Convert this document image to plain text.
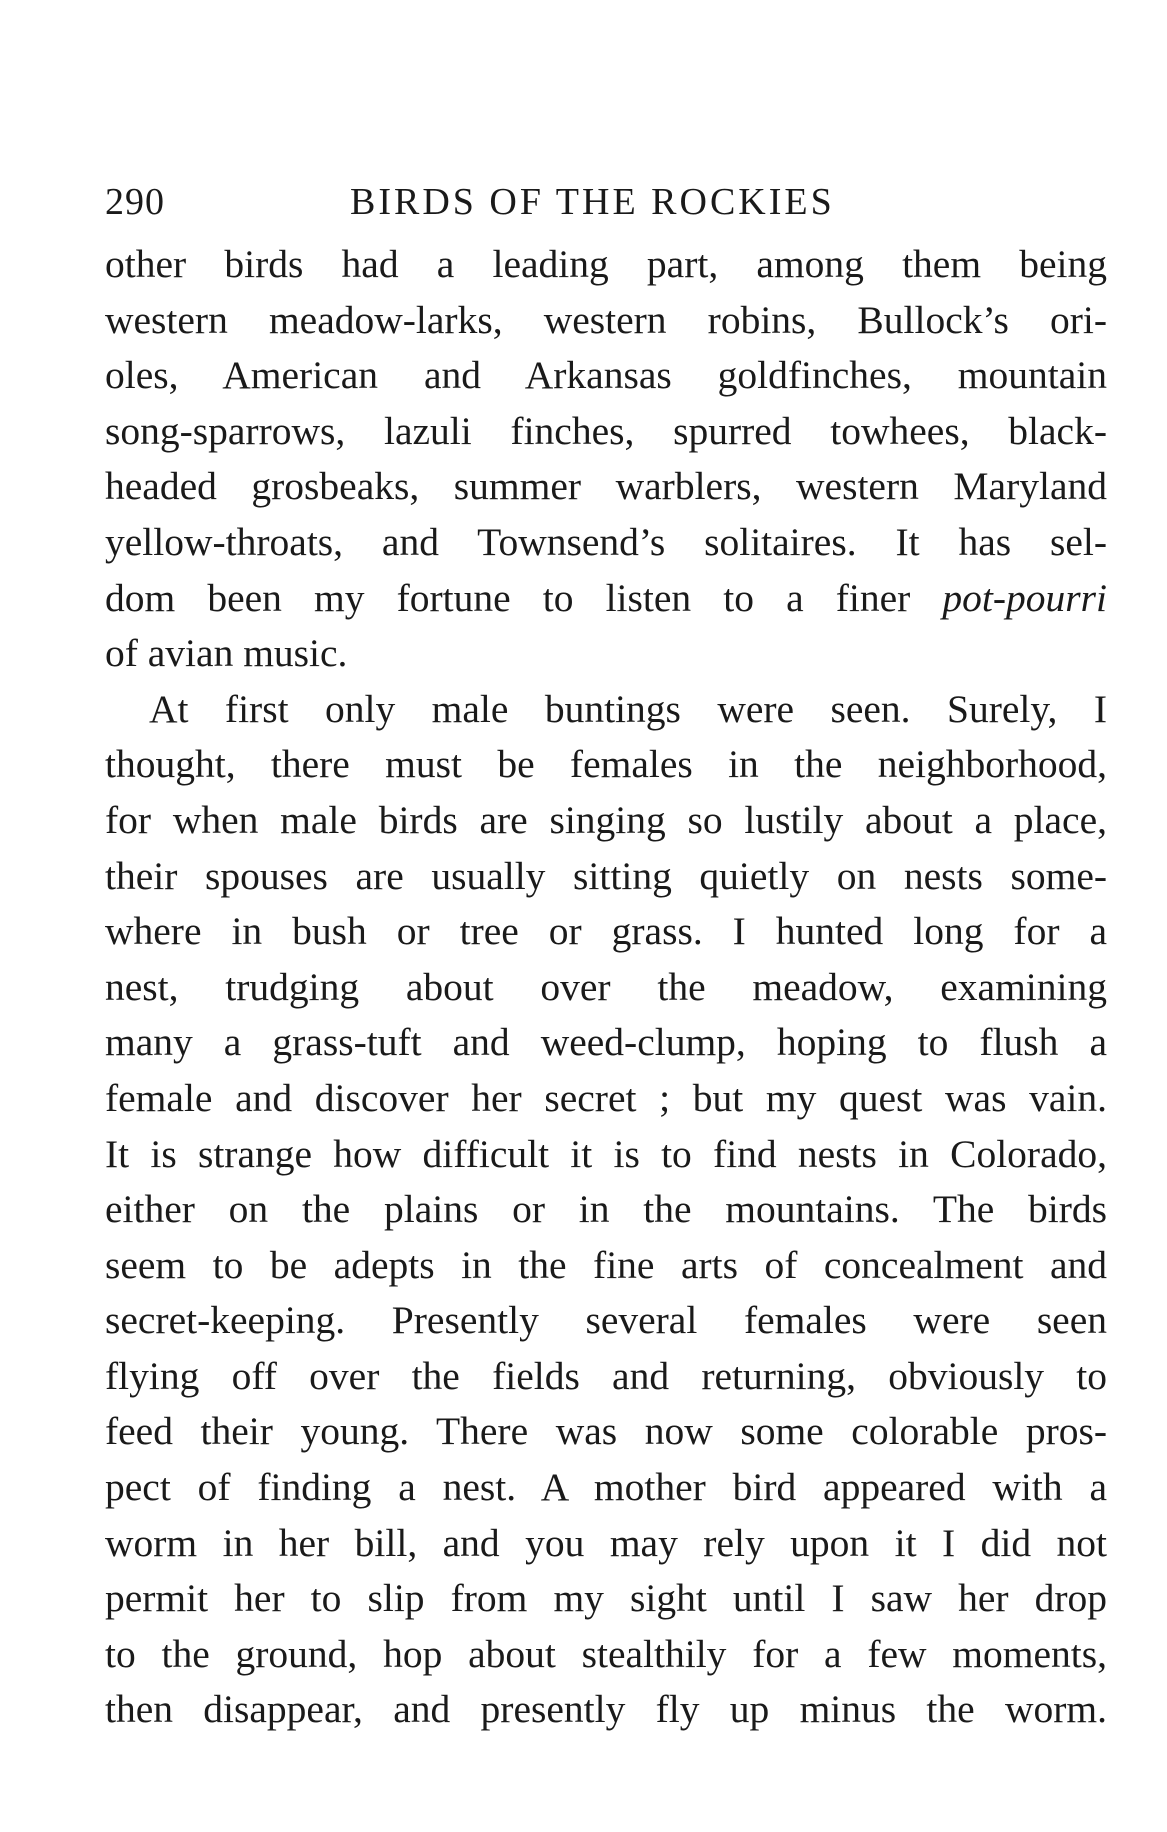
290	BIRDS OF THE ROCKIES
other birds had a leading part, among them being
western meadow-larks, western robins, Bullock’s ori-
oles, American and Arkansas goldfinches, mountain
song-sparrows, lazuli finches, spurred towhees, black-
headed grosbeaks, summer warblers, western Maryland
yellow-throats, and Townsend’s solitaires. It has sel-
dom been my fortune to listen to a finer pot-pourri
of avian music.
At first only male buntings were seen. Surely, I
thought, there must be females in the neighborhood,
for when male birds are singing so lustily about a place,
their spouses are usually sitting quietly on nests some-
where in bush or tree or grass. I hunted long for a
nest, trudging about over the meadow, examining
many a grass-tuft and weed-clump, hoping to flush a
female and discover her secret ; but my quest was vain.
It is strange how difficult it is to find nests in Colorado,
either on the plains or in the mountains. The birds
seem to be adepts in the fine arts of concealment and
secret-keeping. Presently several females were seen
flying off over the fields and returning, obviously to
feed their young. There was now some colorable pros-
pect of finding a nest. A mother bird appeared with a
worm in her bill, and you may rely upon it I did not
permit her to slip from my sight until I saw her drop
to the ground, hop about stealthily for a few moments,
then disappear, and presently fly up minus the worm.
